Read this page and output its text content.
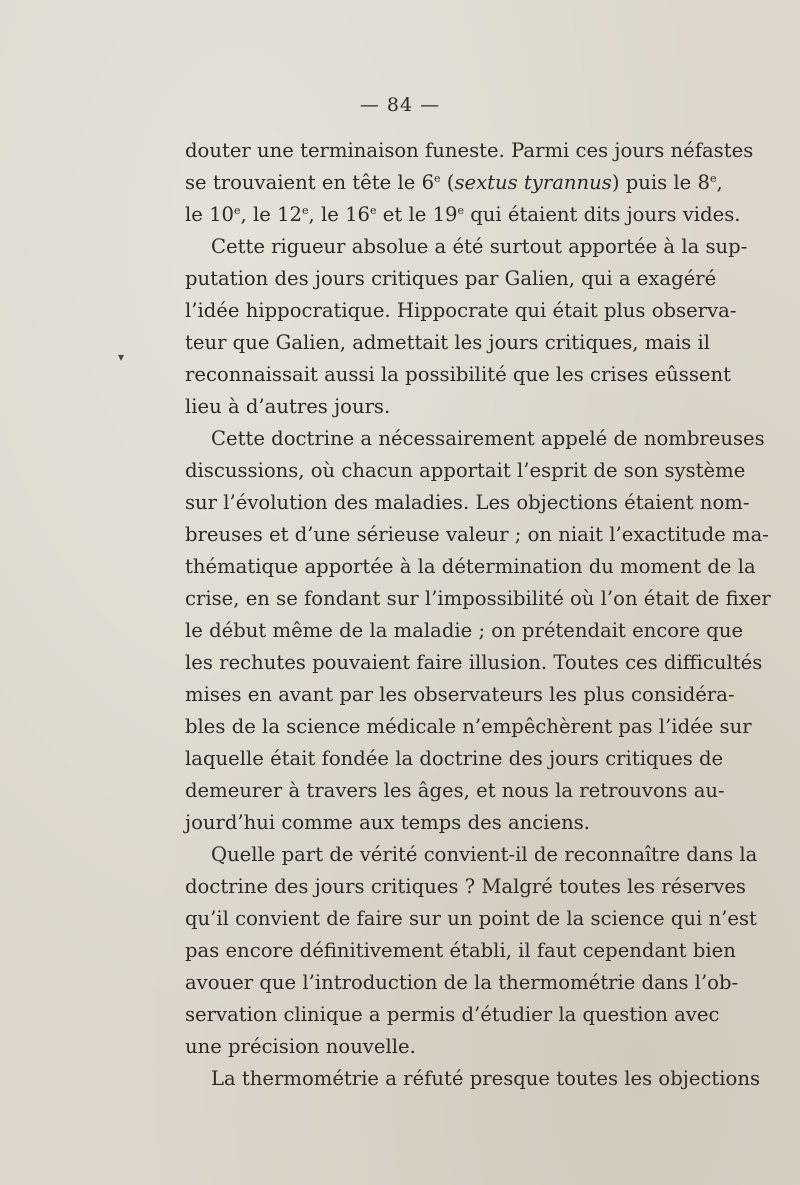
— 84 —
douter une terminaison funeste. Parmi ces jours néfastes
se trouvaient en tête le 6e (sextus tyrannus) puis le 8e,
le 10e, le 12e, le 16e et le 19e qui étaient dits jours vides.
Cette rigueur absolue a été surtout apportée à la sup-
putation des jours critiques par Galien, qui a exagéré
l’idée hippocratique. Hippocrate qui était plus observa-
teur que Galien, admettait les jours critiques, mais il
reconnaissait aussi la possibilité que les crises eûssent
lieu à d’autres jours.
Cette doctrine a nécessairement appelé de nombreuses
discussions, où chacun apportait l’esprit de son système
sur l’évolution des maladies. Les objections étaient nom-
breuses et d’une sérieuse valeur ; on niait l’exactitude ma-
thématique apportée à la détermination du moment de la
crise, en se fondant sur l’impossibilité où l’on était de fixer
le début même de la maladie ; on prétendait encore que
les rechutes pouvaient faire illusion. Toutes ces difficultés
mises en avant par les observateurs les plus considéra-
bles de la science médicale n’empêchèrent pas l’idée sur
laquelle était fondée la doctrine des jours critiques de
demeurer à travers les âges, et nous la retrouvons au-
jourd’hui comme aux temps des anciens.
Quelle part de vérité convient-il de reconnaître dans la
doctrine des jours critiques ? Malgré toutes les réserves
qu’il convient de faire sur un point de la science qui n’est
pas encore définitivement établi, il faut cependant bien
avouer que l’introduction de la thermométrie dans l’ob-
servation clinique a permis d’étudier la question avec
une précision nouvelle.
La thermométrie a réfuté presque toutes les objections
▾
